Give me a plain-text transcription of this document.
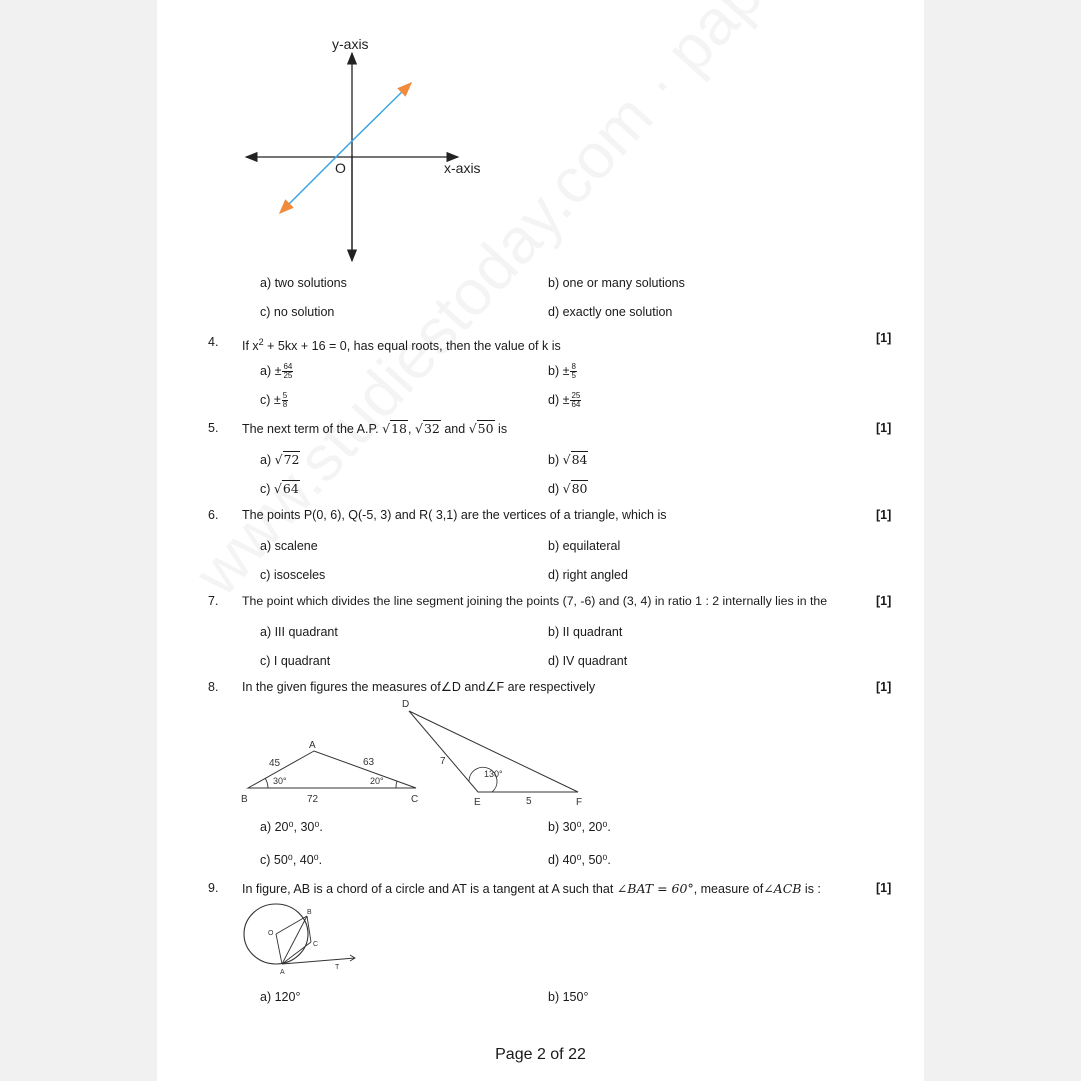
y-axis
x-axis
O
a) two solutions	b) one or many solutions
c) no solution	d) exactly one solution
4. If $x^2 + 5kx + 16 = 0$, has equal roots, then the value of k is
[1]
$a) \pm \frac{64}{25}$	$b) \pm \frac{8}{5}$
$c) \pm \frac{5}{8}$	$d) \pm \frac{25}{64}$
5. The next term of the A.P. √18, √32 and √50 is	[1]
a) √72	b) √84
c) √64	d) √80
6. The points P(0, 6), Q(-5, 3) and R( 3,1) are the vertices of a triangle, which is	[1]
a) scalene	b) equilateral
c) isosceles	d) right angled
7. The point which divides the line segment joining the points (7, -6) and (3, 4) in ratio 1 : 2 internally lies in the	[1]
a) III quadrant	b) II quadrant
c) I quadrant	d) IV quadrant
8. In the given figures the measures of∠D and∠F are respectively	[1]
A
B	C
45	63
72
30°	20°
D
E	F
7
5
130°
a) 20⁰, 30⁰.	b) 30⁰, 20⁰.
c) 50⁰, 40⁰.	d) 40⁰, 50⁰.
9. In figure, AB is a chord of a circle and AT is a tangent at A such that ∠BAT = 60°, measure of∠ACB is :	[1]
O
B
C
A
T
a) 120°	b) 150°
Page 2 of 22
